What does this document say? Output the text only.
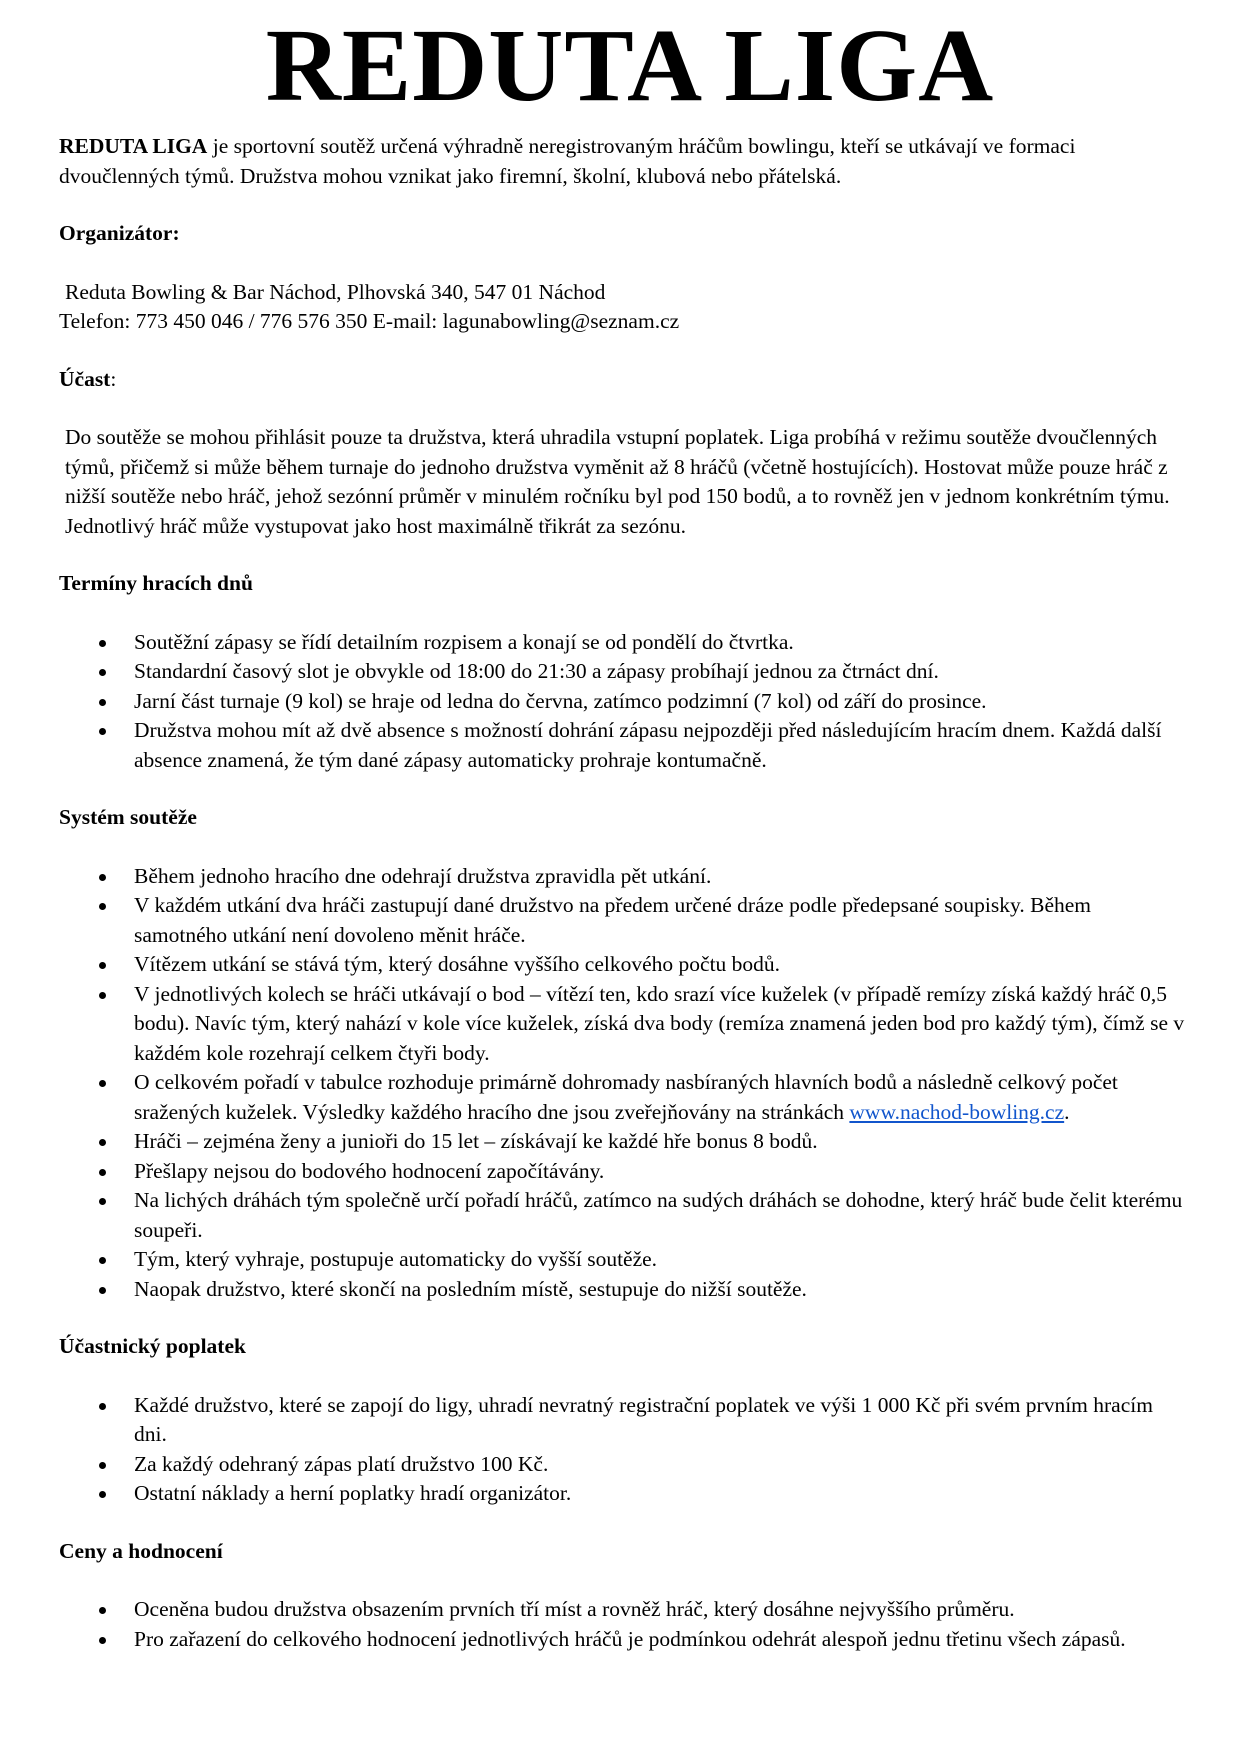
REDUTA LIGA

REDUTA LIGA je sportovní soutěž určená výhradně neregistrovaným hráčům bowlingu, kteří se utkávají ve formaci dvoučlenných týmů. Družstva mohou vznikat jako firemní, školní, klubová nebo přátelská.

Organizátor:

Reduta Bowling & Bar Náchod, Plhovská 340, 547 01 Náchod

Telefon: 773 450 046 / 776 576 350 E-mail: lagunabowling@seznam.cz

Účast:

Do soutěže se mohou přihlásit pouze ta družstva, která uhradila vstupní poplatek. Liga probíhá v režimu soutěže dvoučlenných týmů, přičemž si může během turnaje do jednoho družstva vyměnit až 8 hráčů (včetně hostujících). Hostovat může pouze hráč z nižší soutěže nebo hráč, jehož sezónní průměr v minulém ročníku byl pod 150 bodů, a to rovněž jen v jednom konkrétním týmu. Jednotlivý hráč může vystupovat jako host maximálně třikrát za sezónu.

Termíny hracích dnů

Soutěžní zápasy se řídí detailním rozpisem a konají se od pondělí do čtvrtka.
Standardní časový slot je obvykle od 18:00 do 21:30 a zápasy probíhají jednou za čtrnáct dní.
Jarní část turnaje (9 kol) se hraje od ledna do června, zatímco podzimní (7 kol) od září do prosince.
Družstva mohou mít až dvě absence s možností dohrání zápasu nejpozději před následujícím hracím dnem. Každá další absence znamená, že tým dané zápasy automaticky prohraje kontumačně.

Systém soutěže

Během jednoho hracího dne odehrají družstva zpravidla pět utkání.
V každém utkání dva hráči zastupují dané družstvo na předem určené dráze podle předepsané soupisky. Během samotného utkání není dovoleno měnit hráče.
Vítězem utkání se stává tým, který dosáhne vyššího celkového počtu bodů.
V jednotlivých kolech se hráči utkávají o bod – vítězí ten, kdo srazí více kuželek (v případě remízy získá každý hráč 0,5 bodu). Navíc tým, který nahází v kole více kuželek, získá dva body (remíza znamená jeden bod pro každý tým), čímž se v každém kole rozehrají celkem čtyři body.
O celkovém pořadí v tabulce rozhoduje primárně dohromady nasbíraných hlavních bodů a následně celkový počet sražených kuželek. Výsledky každého hracího dne jsou zveřejňovány na stránkách www.nachod-bowling.cz.
Hráči – zejména ženy a junioři do 15 let – získávají ke každé hře bonus 8 bodů.
Přešlapy nejsou do bodového hodnocení započítávány.
Na lichých dráhách tým společně určí pořadí hráčů, zatímco na sudých dráhách se dohodne, který hráč bude čelit kterému soupeři.
Tým, který vyhraje, postupuje automaticky do vyšší soutěže.
Naopak družstvo, které skončí na posledním místě, sestupuje do nižší soutěže.

Účastnický poplatek

Každé družstvo, které se zapojí do ligy, uhradí nevratný registrační poplatek ve výši 1 000 Kč při svém prvním hracím dni.
Za každý odehraný zápas platí družstvo 100 Kč.
Ostatní náklady a herní poplatky hradí organizátor.

Ceny a hodnocení

Oceněna budou družstva obsazením prvních tří míst a rovněž hráč, který dosáhne nejvyššího průměru.
Pro zařazení do celkového hodnocení jednotlivých hráčů je podmínkou odehrát alespoň jednu třetinu všech zápasů.
